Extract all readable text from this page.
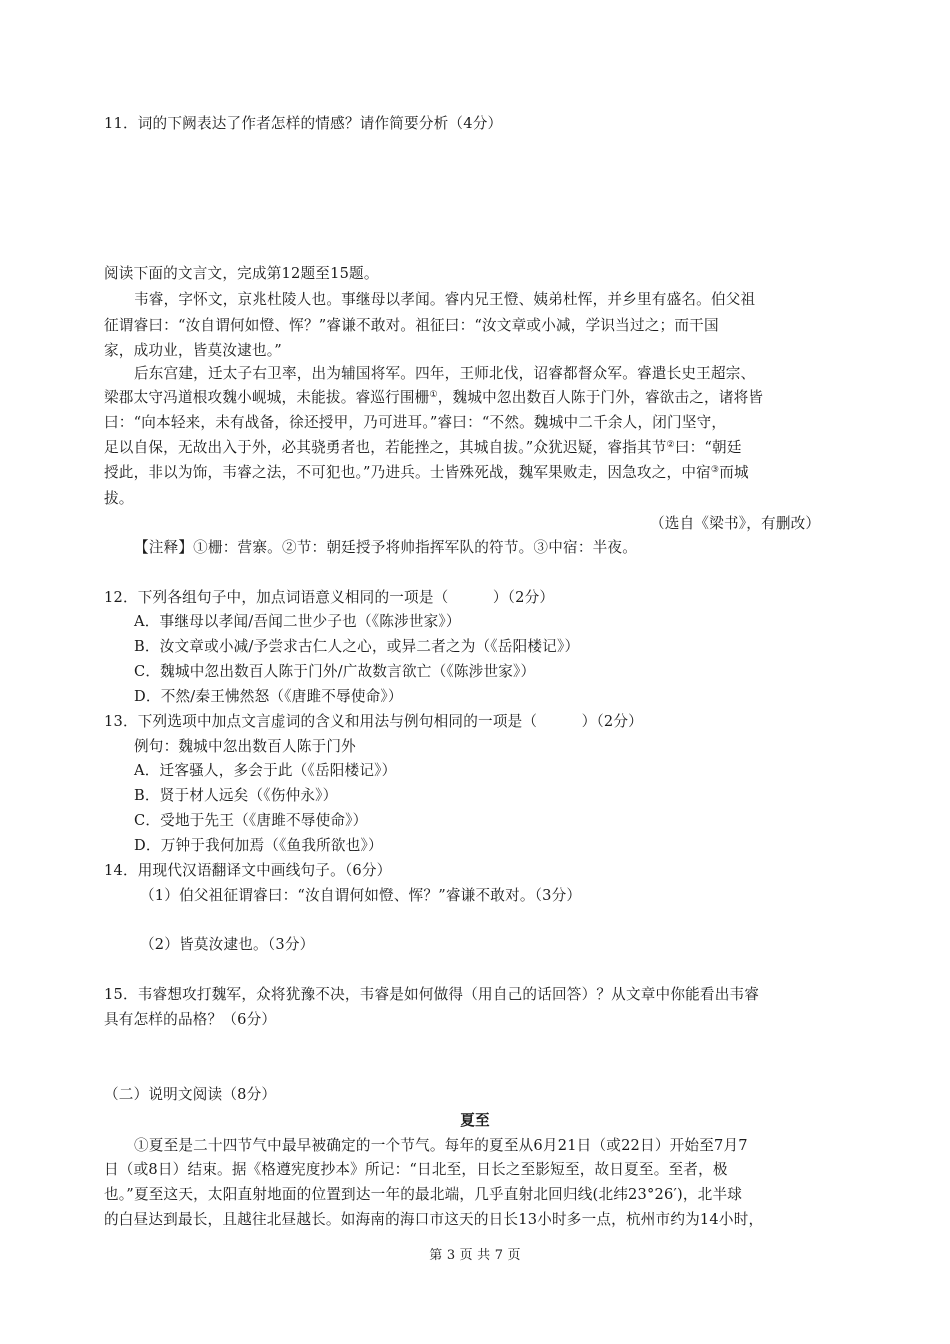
11．词的下阙表达了作者怎样的情感？请作简要分析（4分）
阅读下面的文言文，完成第12题至15题。
韦睿，字怀文，京兆杜陵人也。事继母以孝闻。睿内兄王憕、姨弟杜恽，并乡里有盛名。伯父祖
征谓睿曰：“汝自谓何如憕、恽？”睿谦不敢对。祖征曰：“汝文章或小减，学识当过之；而干国
家，成功业，皆莫汝逮也。”
后东宫建，迁太子右卫率，出为辅国将军。四年，王师北伐，诏睿都督众军。睿遣长史王超宗、
梁郡太守冯道根攻魏小岘城，未能拔。睿巡行围栅①，魏城中忽出数百人陈于门外，睿欲击之，诸将皆
曰：“向本轻来，未有战备，徐还授甲，乃可进耳。”睿曰：“不然。魏城中二千余人，闭门坚守，
足以自保，无故出入于外，必其骁勇者也，若能挫之，其城自拔。”众犹迟疑，睿指其节②曰：“朝廷
授此，非以为饰，韦睿之法，不可犯也。”乃进兵。士皆殊死战，魏军果败走，因急攻之，中宿③而城
拔。
（选自《梁书》，有删改）
【注释】①栅：营寨。②节：朝廷授予将帅指挥军队的符节。③中宿：半夜。
12．下列各组句子中，加点词语意义相同的一项是（　　　）（2分）
A．事继母以孝闻/吾闻二世少子也（《陈涉世家》）
B．汝文章或小减/予尝求古仁人之心，或异二者之为（《岳阳楼记》）
C．魏城中忽出数百人陈于门外/广故数言欲亡（《陈涉世家》）
D．不然/秦王怫然怒（《唐雎不辱使命》）
13．下列选项中加点文言虚词的含义和用法与例句相同的一项是（　　　）（2分）
例句：魏城中忽出数百人陈于门外
A．迁客骚人，多会于此（《岳阳楼记》）
B．贤于材人远矣（《伤仲永》）
C．受地于先王（《唐雎不辱使命》）
D．万钟于我何加焉（《鱼我所欲也》）
14．用现代汉语翻译文中画线句子。（6分）
（1）伯父祖征谓睿曰：“汝自谓何如憕、恽？”睿谦不敢对。（3分）
（2）皆莫汝逮也。（3分）
15．韦睿想攻打魏军，众将犹豫不决，韦睿是如何做得（用自己的话回答）？从文章中你能看出韦睿
具有怎样的品格？（6分）
（二）说明文阅读（8分）
夏至
①夏至是二十四节气中最早被确定的一个节气。每年的夏至从6月21日（或22日）开始至7月7
日（或8日）结束。据《格遵宪度抄本》所记：“日北至，日长之至影短至，故日夏至。至者，极
也。”夏至这天，太阳直射地面的位置到达一年的最北端，几乎直射北回归线(北纬23°26′)，北半球
的白昼达到最长，且越往北昼越长。如海南的海口市这天的日长13小时多一点，杭州市约为14小时，
第 3 页 共 7 页
